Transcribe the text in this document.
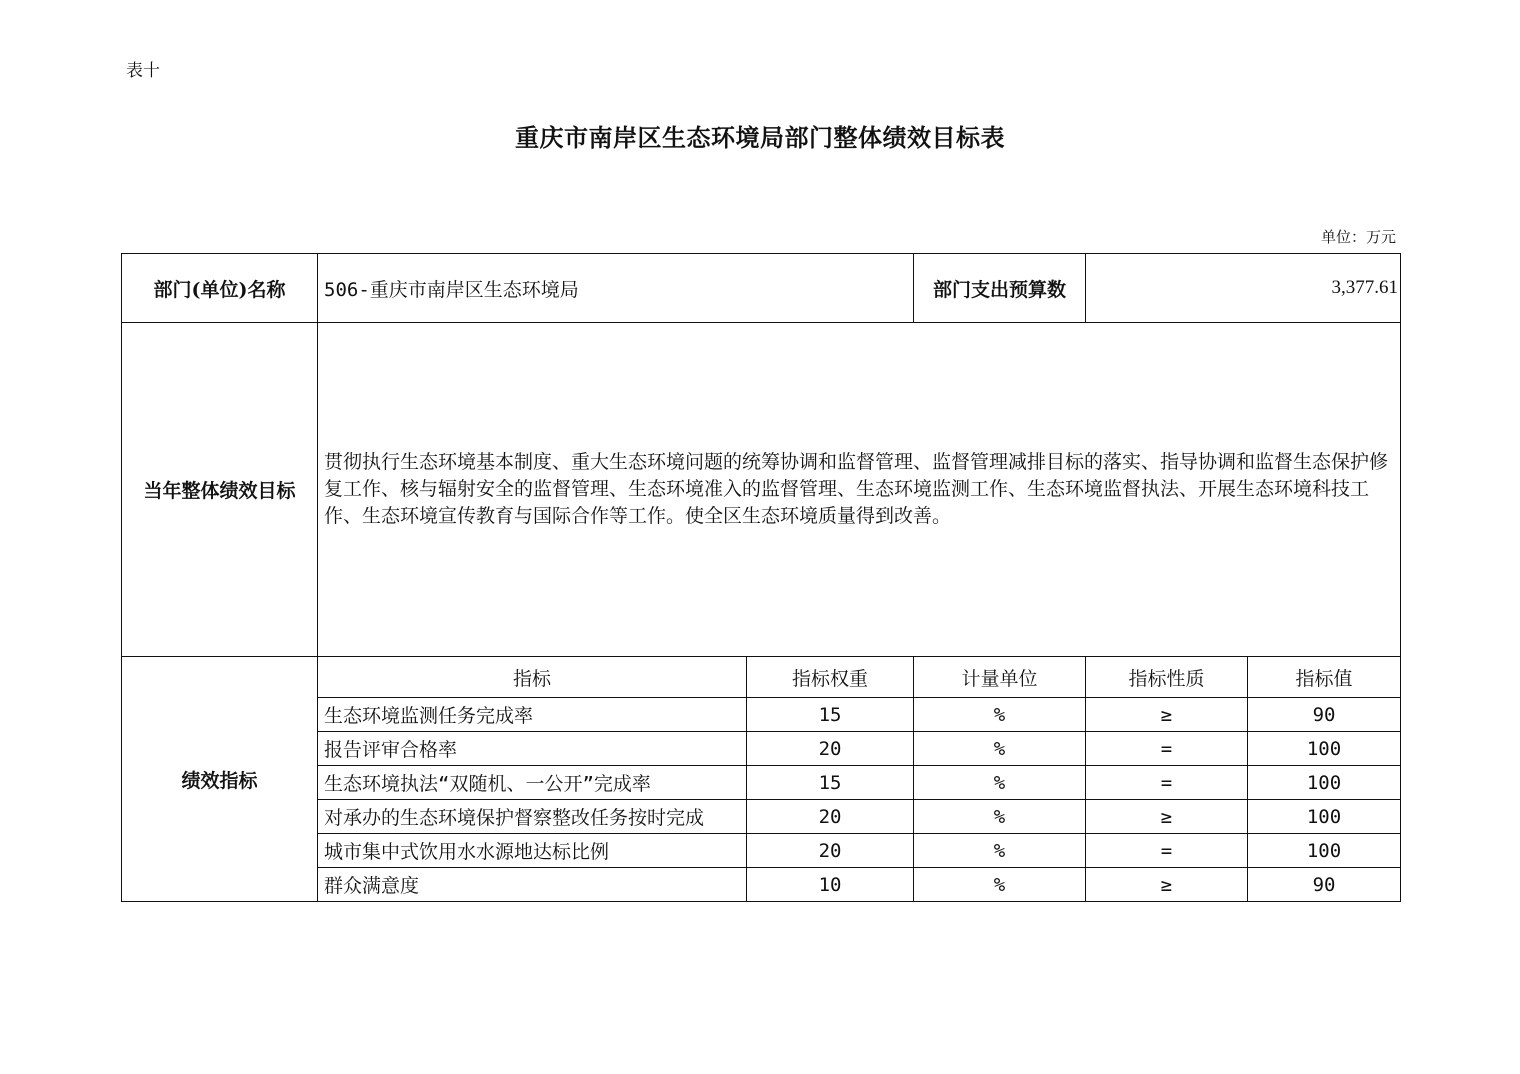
表十
重庆市南岸区生态环境局部门整体绩效目标表
单位：万元
部门(单位)名称	506-重庆市南岸区生态环境局		部门支出预算数	3,377.61	
当年整体绩效目标	贯彻执行生态环境基本制度、重大生态环境问题的统筹协调和监督管理、监督管理减排目标的落实、指导协调和监督生态保护修复工作、核与辐射安全的监督管理、生态环境准入的监督管理、生态环境监测工作、生态环境监督执法、开展生态环境科技工作、生态环境宣传教育与国际合作等工作。使全区生态环境质量得到改善。				
绩效指标	指标	指标权重	计量单位	指标性质	指标值
	生态环境监测任务完成率	15	%	≥	90
	报告评审合格率	20	%	=	100
	生态环境执法“双随机、一公开”完成率	15	%	=	100
	对承办的生态环境保护督察整改任务按时完成	20	%	≥	100
	城市集中式饮用水水源地达标比例	20	%	=	100
	群众满意度	10	%	≥	90
